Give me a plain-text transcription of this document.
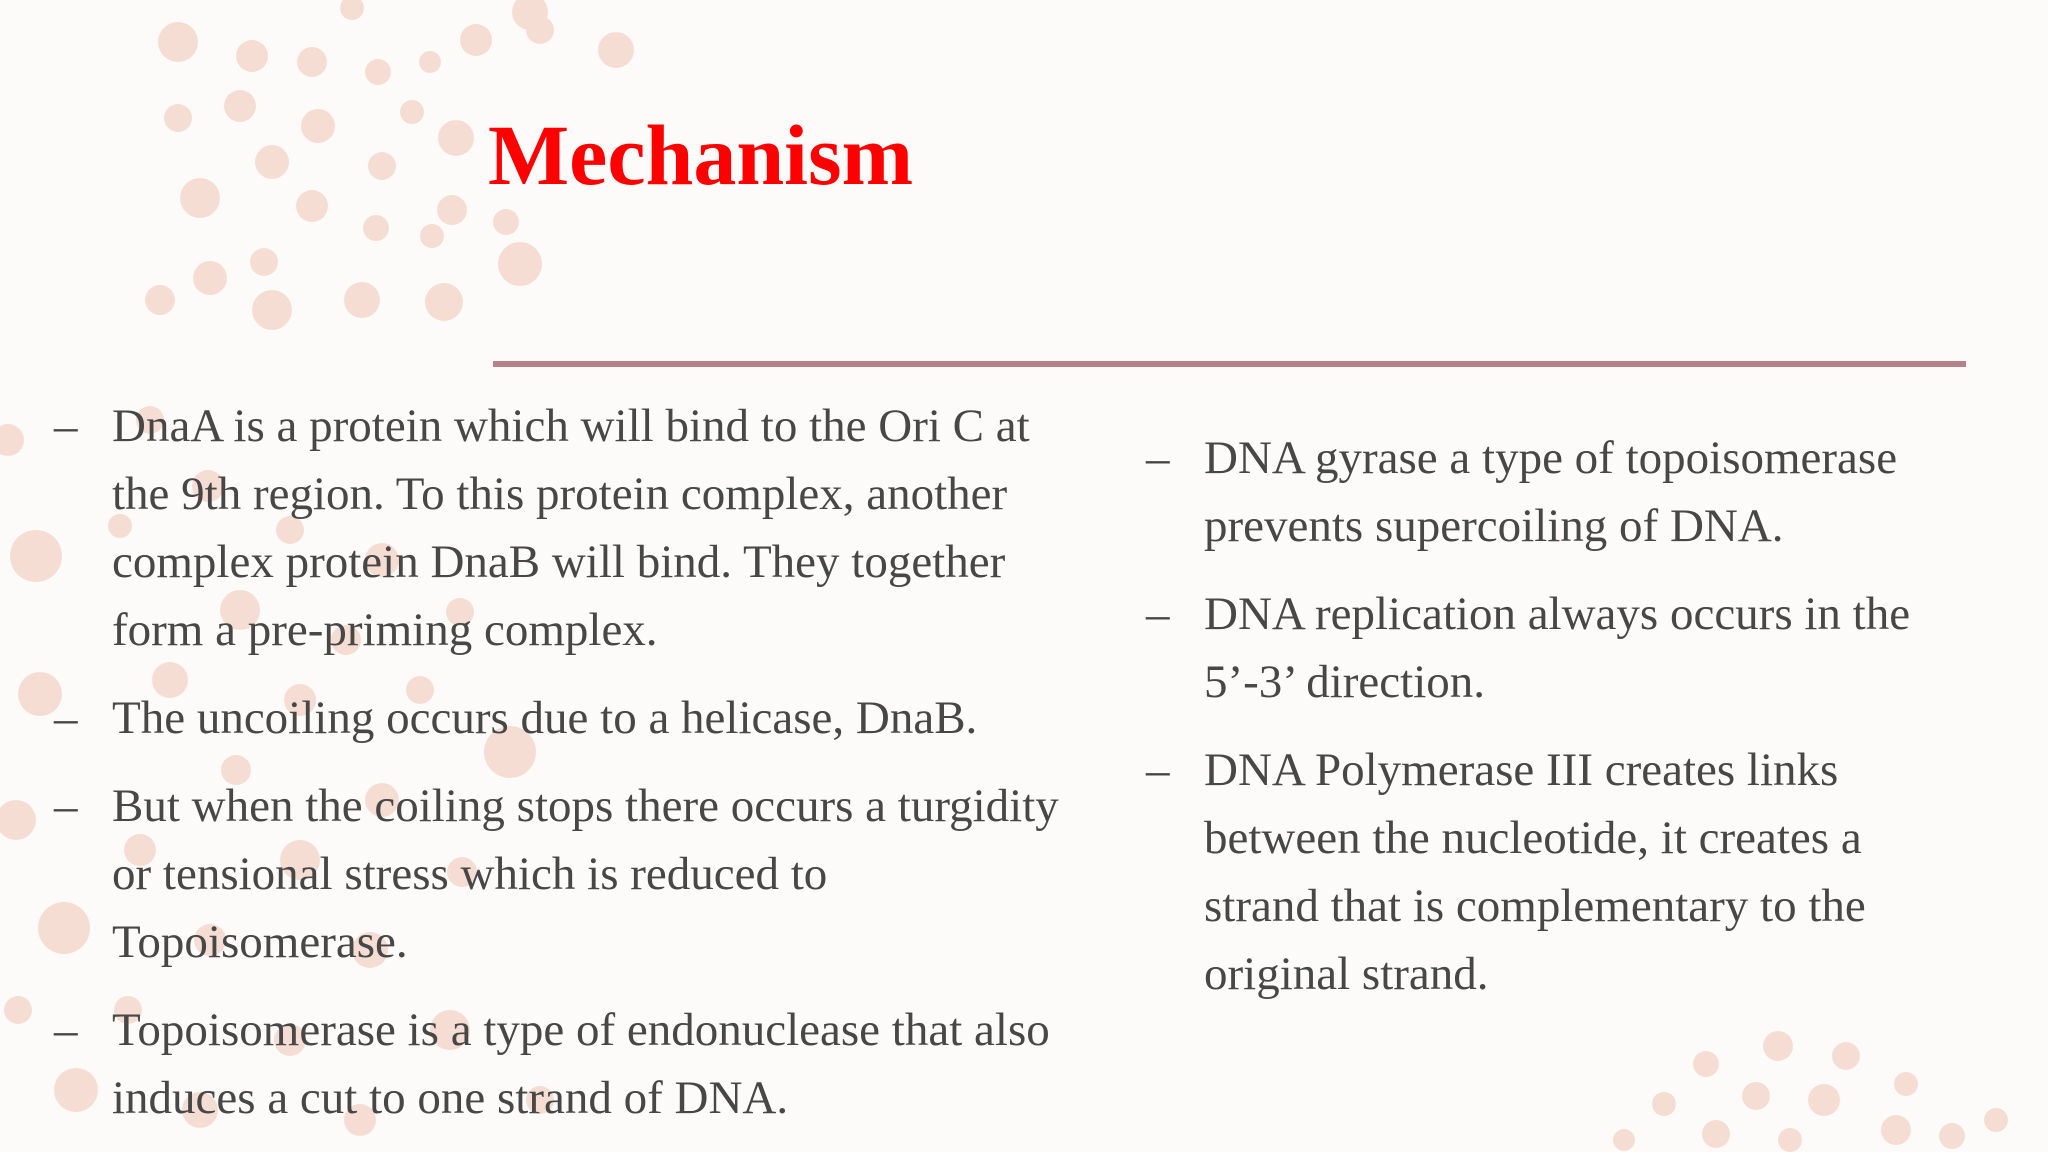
Mechanism
– DnaA is a protein which will bind to the Ori C at the 9th region. To this protein complex, another complex protein DnaB will bind. They together form a pre-priming complex.
– The uncoiling occurs due to a helicase, DnaB.
– But when the coiling stops there occurs a turgidity or tensional stress which is reduced to Topoisomerase.
– Topoisomerase is a type of endonuclease that also induces a cut to one strand of DNA.
– DNA gyrase a type of topoisomerase prevents supercoiling of DNA.
– DNA replication always occurs in the 5’-3’ direction.
– DNA Polymerase III creates links between the nucleotide, it creates a strand that is complementary to the original strand.
